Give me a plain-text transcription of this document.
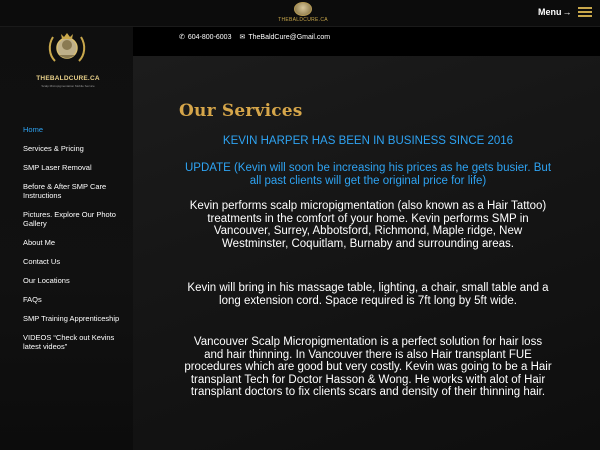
THEBALDCURE.CA
Menu →
THEBALDCURE.CA
Scalp Micropigmentation Mobile Service
Home
Services & Pricing
SMP Laser Removal
Before & After SMP Care Instructions
Pictures. Explore Our Photo Gallery
About Me
Contact Us
Our Locations
FAQs
SMP Training Apprenticeship
VIDEOS “Check out Kevins latest videos”
✆ 604-800-6003 ✉ TheBaldCure@Gmail.com
Our Services
KEVIN HARPER HAS BEEN IN BUSINESS SINCE 2016
UPDATE (Kevin will soon be increasing his prices as he gets busier. But all past clients will get the original price for life)
Kevin performs scalp micropigmentation (also known as a Hair Tattoo) treatments in the comfort of your home. Kevin performs SMP in Vancouver, Surrey, Abbotsford, Richmond, Maple ridge, New Westminster, Coquitlam, Burnaby and surrounding areas.
Kevin will bring in his massage table, lighting, a chair, small table and a long extension cord. Space required is 7ft long by 5ft wide.
Vancouver Scalp Micropigmentation is a perfect solution for hair loss and hair thinning. In Vancouver there is also Hair transplant FUE procedures which are good but very costly. Kevin was going to be a Hair transplant Tech for Doctor Hasson & Wong. He works with alot of Hair transplant doctors to fix clients scars and density of their thinning hair.
